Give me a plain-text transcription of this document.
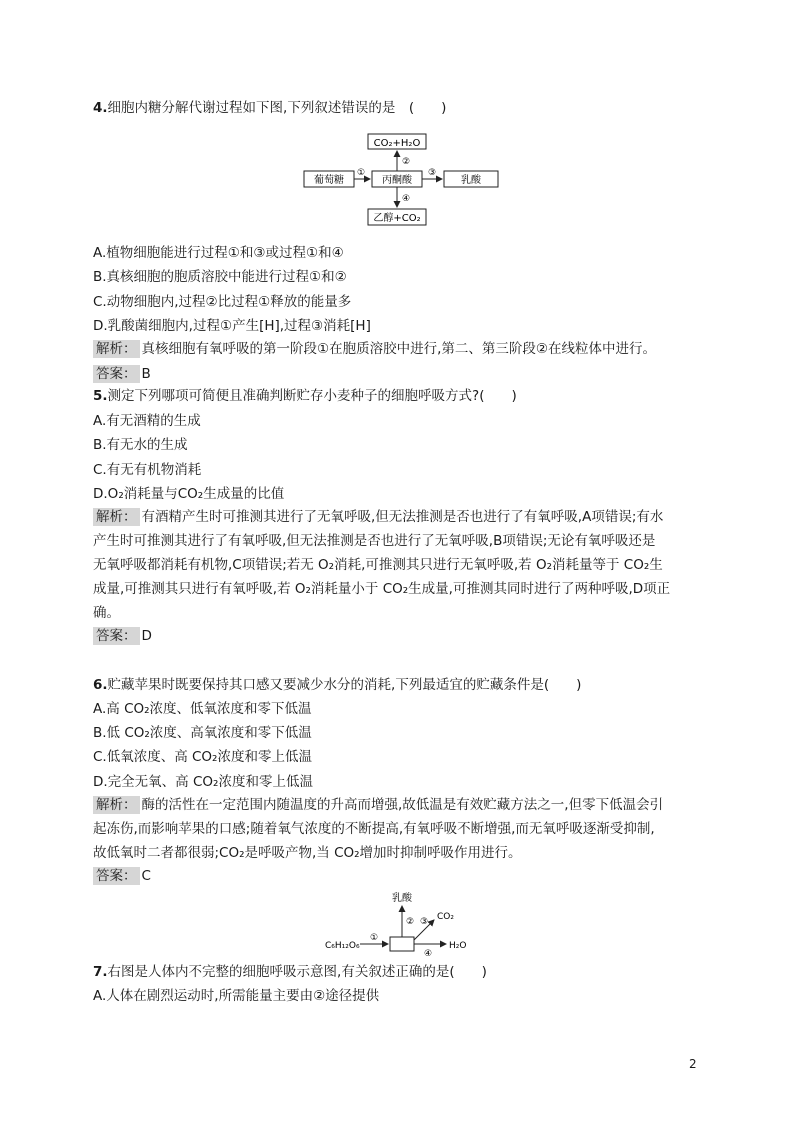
4.细胞内糖分解代谢过程如下图,下列叙述错误的是　(　　)
CO₂+H₂O
葡萄糖	丙酮酸	乳酸
乙醇+CO₂
①	③
②
④
A.植物细胞能进行过程①和③或过程①和④
B.真核细胞的胞质溶胶中能进行过程①和②
C.动物细胞内,过程②比过程①释放的能量多
D.乳酸菌细胞内,过程①产生[H],过程③消耗[H]
解析： 真核细胞有氧呼吸的第一阶段①在胞质溶胶中进行,第二、第三阶段②在线粒体中进行。
答案： B
5.测定下列哪项可简便且准确判断贮存小麦种子的细胞呼吸方式?(　　)
A.有无酒精的生成
B.有无水的生成
C.有无有机物消耗
D.O₂消耗量与CO₂生成量的比值
解析： 有酒精产生时可推测其进行了无氧呼吸,但无法推测是否也进行了有氧呼吸,A项错误;有水
产生时可推测其进行了有氧呼吸,但无法推测是否也进行了无氧呼吸,B项错误;无论有氧呼吸还是
无氧呼吸都消耗有机物,C项错误;若无 O₂消耗,可推测其只进行无氧呼吸,若 O₂消耗量等于 CO₂生
成量,可推测其只进行有氧呼吸,若 O₂消耗量小于 CO₂生成量,可推测其同时进行了两种呼吸,D项正
确。
答案： D
6.贮藏苹果时既要保持其口感又要减少水分的消耗,下列最适宜的贮藏条件是(　　)
A.高 CO₂浓度、低氧浓度和零下低温
B.低 CO₂浓度、高氧浓度和零下低温
C.低氧浓度、高 CO₂浓度和零上低温
D.完全无氧、高 CO₂浓度和零上低温
解析： 酶的活性在一定范围内随温度的升高而增强,故低温是有效贮藏方法之一,但零下低温会引
起冻伤,而影响苹果的口感;随着氧气浓度的不断提高,有氧呼吸不断增强,而无氧呼吸逐渐受抑制,
故低氧时二者都很弱;CO₂是呼吸产物,当 CO₂增加时抑制呼吸作用进行。
答案： C
乳酸
C₆H₁₂O₆
①
② ③ CO₂
④
H₂O
7.右图是人体内不完整的细胞呼吸示意图,有关叙述正确的是(　　)
A.人体在剧烈运动时,所需能量主要由②途径提供
2
